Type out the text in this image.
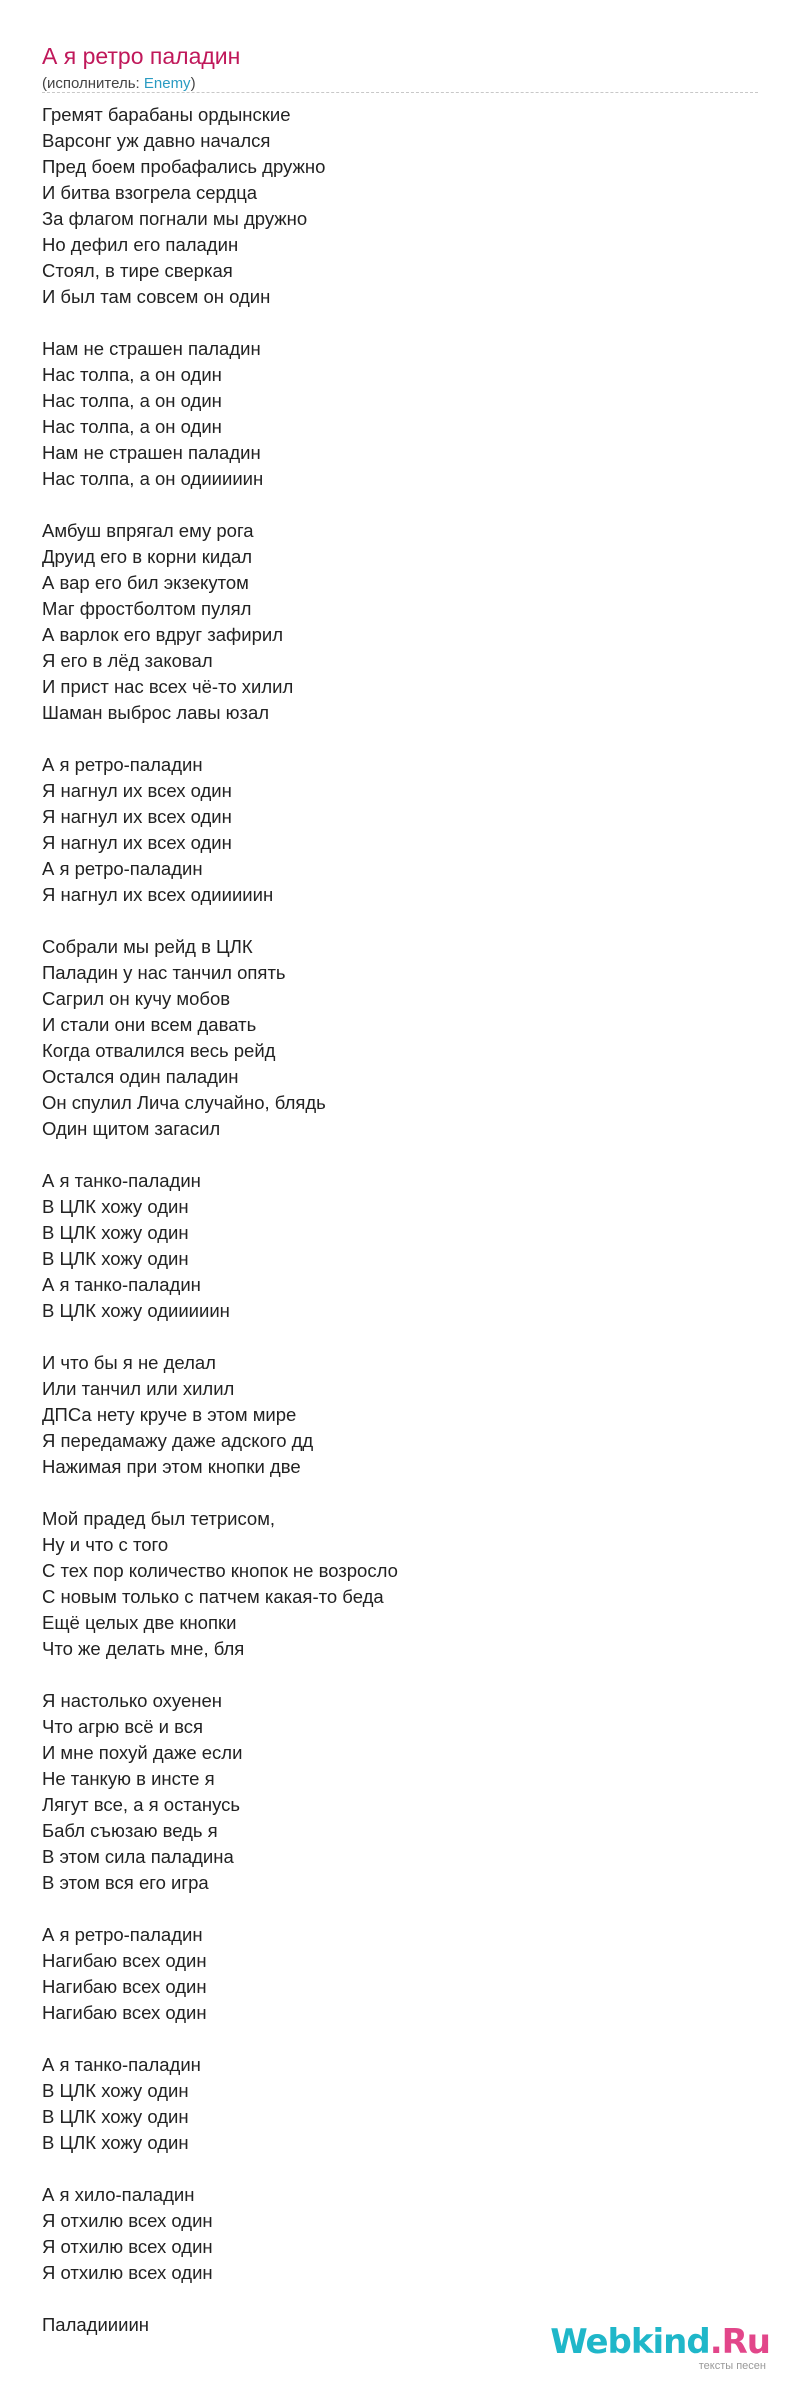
А я ретро паладин
(исполнитель: Enemy)
Гремят барабаны ордынские
Варсонг уж давно начался
Пред боем пробафались дружно
И битва взогрела сердца
За флагом погнали мы дружно
Но дефил его паладин
Стоял, в тире сверкая
И был там совсем он один
Нам не страшен паладин
Нас толпа, а он один
Нас толпа, а он один
Нас толпа, а он один
Нам не страшен паладин
Нас толпа, а он одииииин
Амбуш впрягал ему рога
Друид его в корни кидал
А вар его бил экзекутом
Маг фростболтом пулял
А варлок его вдруг зафирил
Я его в лёд заковал
И прист нас всех чё-то хилил
Шаман выброс лавы юзал
А я ретро-паладин
Я нагнул их всех один
Я нагнул их всех один
Я нагнул их всех один
А я ретро-паладин
Я нагнул их всех одииииин
Собрали мы рейд в ЦЛК
Паладин у нас танчил опять
Сагрил он кучу мобов
И стали они всем давать
Когда отвалился весь рейд
Остался один паладин
Он спулил Лича случайно, блядь
Один щитом загасил
А я танко-паладин
В ЦЛК хожу один
В ЦЛК хожу один
В ЦЛК хожу один
А я танко-паладин
В ЦЛК хожу одииииин
И что бы я не делал
Или танчил или хилил
ДПСа нету круче в этом мире
Я передамажу даже адского дд
Нажимая при этом кнопки две
Мой прадед был тетрисом,
Ну и что с того
С тех пор количество кнопок не возросло
С новым только с патчем какая-то беда
Ещё целых две кнопки
Что же делать мне, бля
Я настолько охуенен
Что агрю всё и вся
И мне похуй даже если
Не танкую в инсте я
Лягут все, а я останусь
Бабл съюзаю ведь я
В этом сила паладина
В этом вся его игра
А я ретро-паладин
Нагибаю всех один
Нагибаю всех один
Нагибаю всех один
А я танко-паладин
В ЦЛК хожу один
В ЦЛК хожу один
В ЦЛК хожу один
А я хило-паладин
Я отхилю всех один
Я отхилю всех один
Я отхилю всех один
Паладиииин	Webkind.Ru
тексты песен
